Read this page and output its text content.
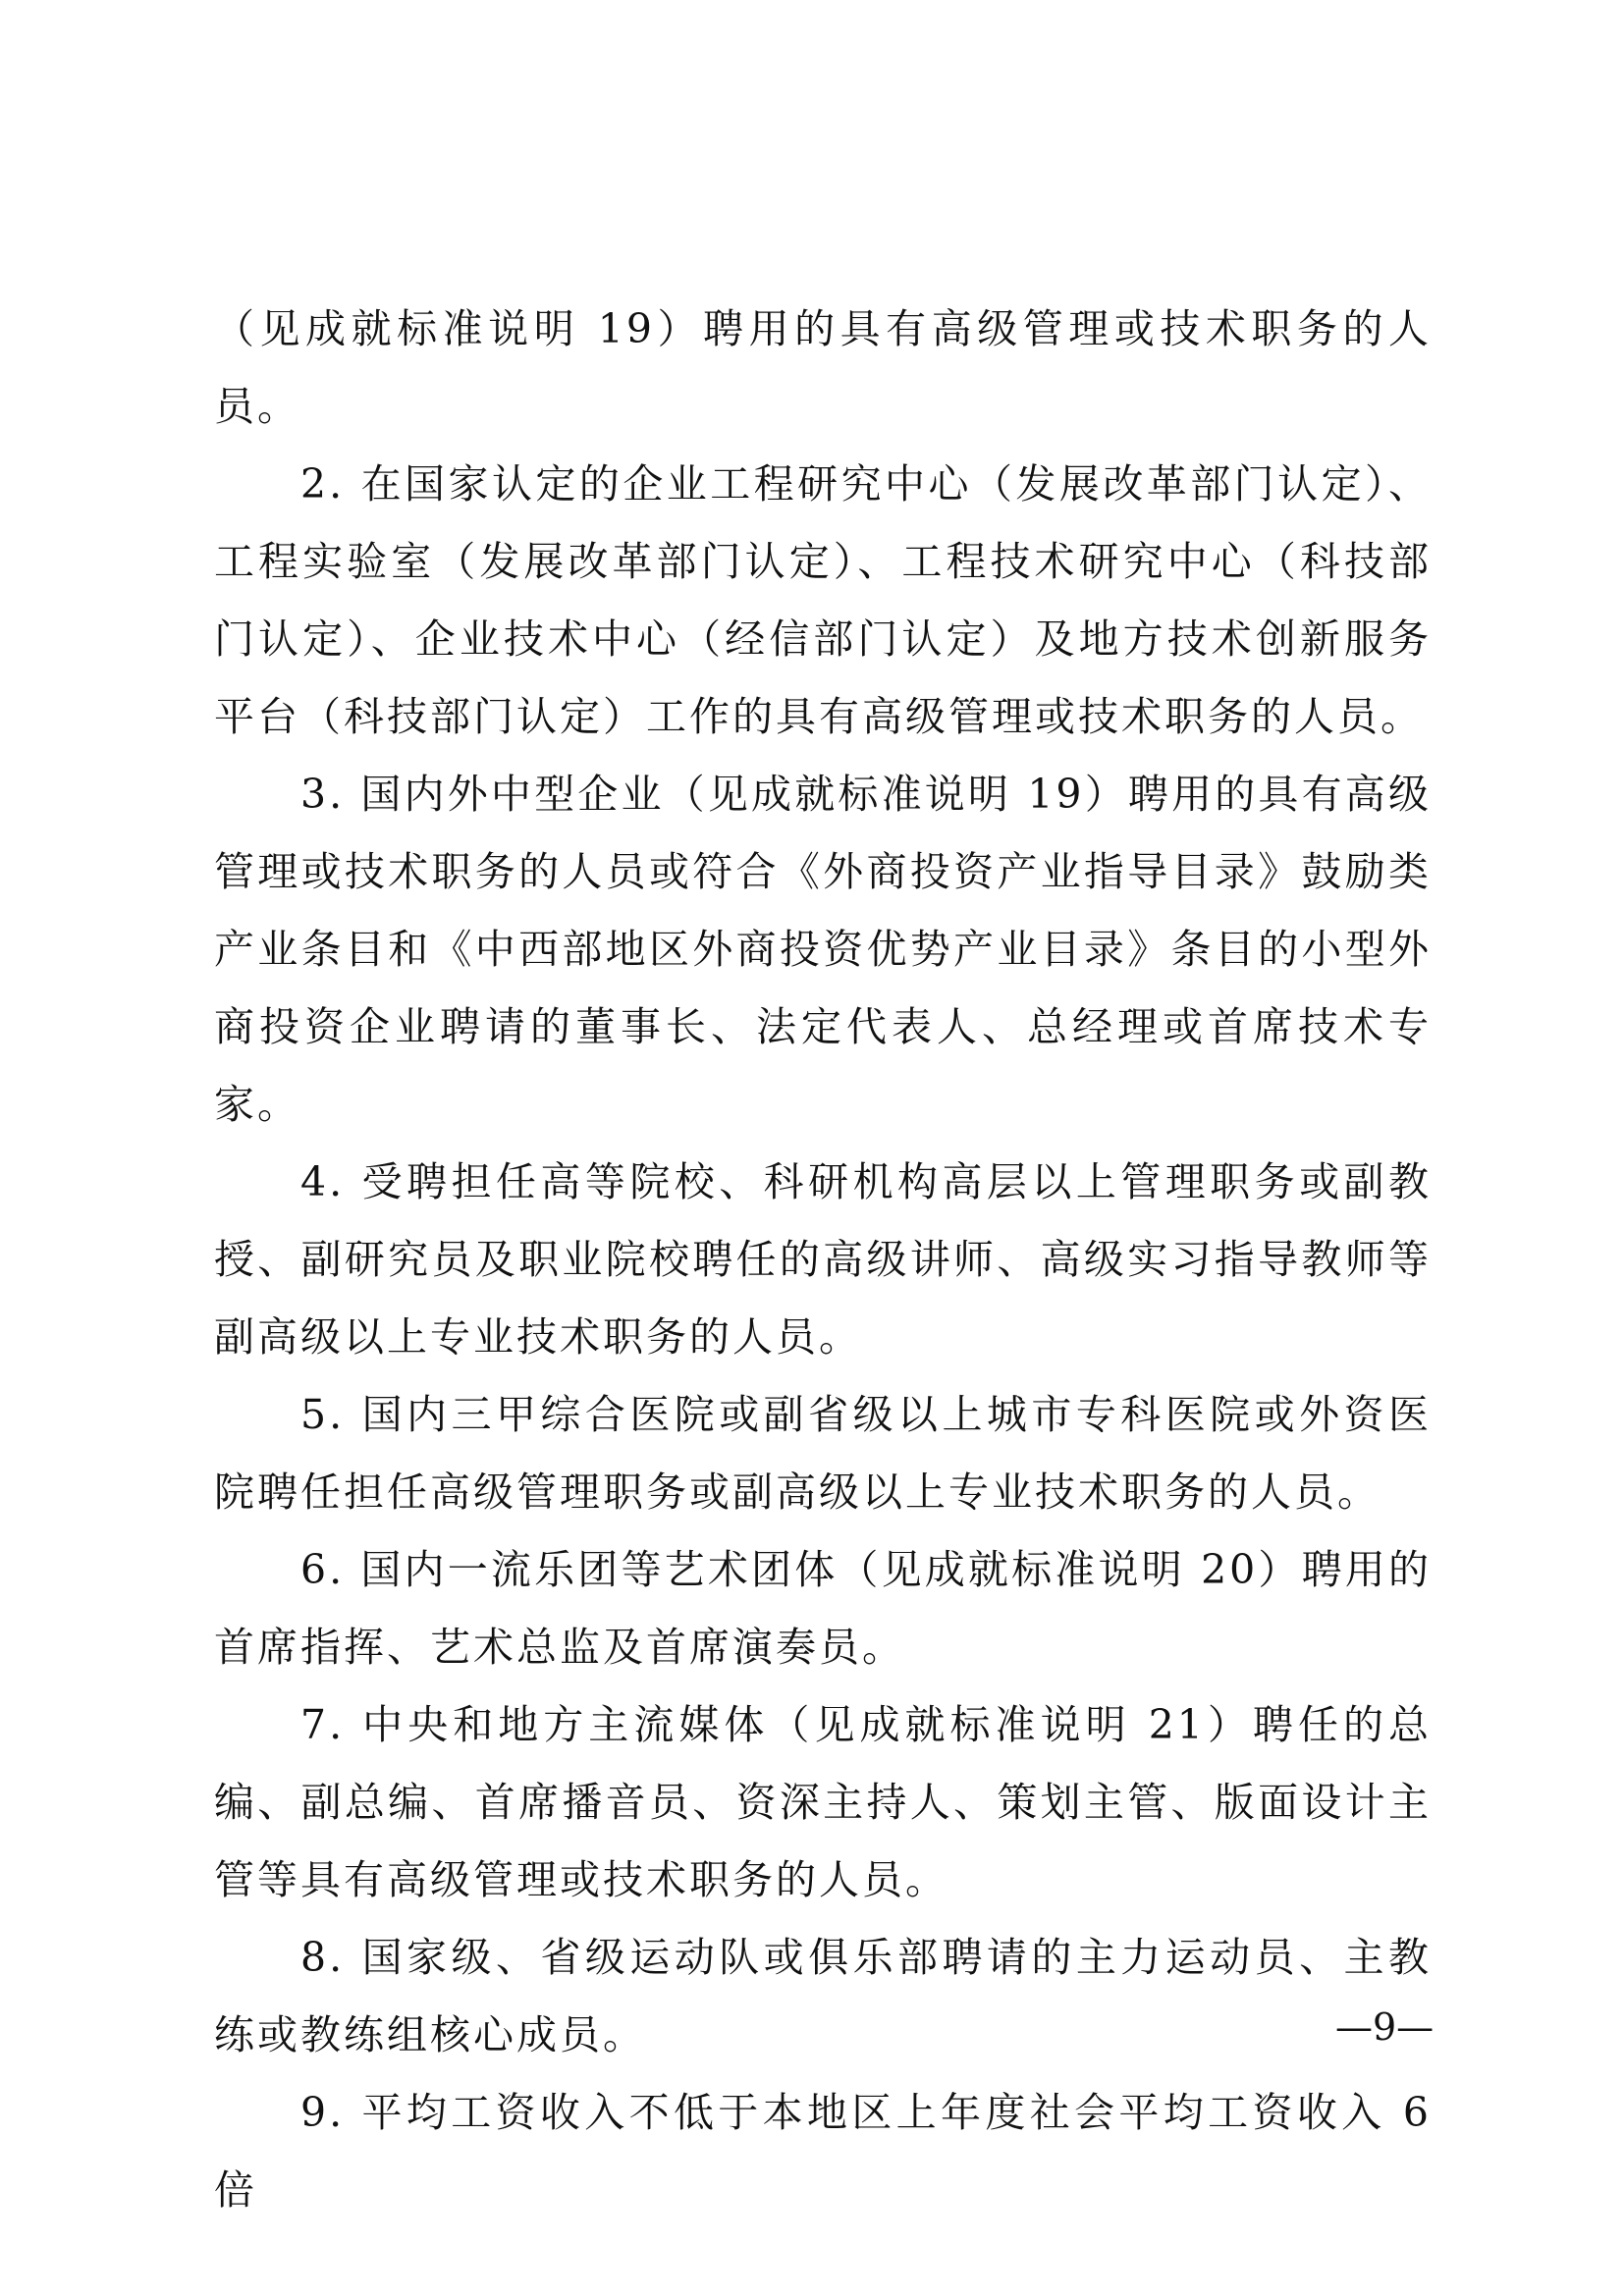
（见成就标准说明 19）聘用的具有高级管理或技术职务的人员。

2. 在国家认定的企业工程研究中心（发展改革部门认定）、工程实验室（发展改革部门认定）、工程技术研究中心（科技部门认定）、企业技术中心（经信部门认定）及地方技术创新服务平台（科技部门认定）工作的具有高级管理或技术职务的人员。

3. 国内外中型企业（见成就标准说明 19）聘用的具有高级管理或技术职务的人员或符合《外商投资产业指导目录》鼓励类产业条目和《中西部地区外商投资优势产业目录》条目的小型外商投资企业聘请的董事长、法定代表人、总经理或首席技术专家。

4. 受聘担任高等院校、科研机构高层以上管理职务或副教授、副研究员及职业院校聘任的高级讲师、高级实习指导教师等副高级以上专业技术职务的人员。

5. 国内三甲综合医院或副省级以上城市专科医院或外资医院聘任担任高级管理职务或副高级以上专业技术职务的人员。

6. 国内一流乐团等艺术团体（见成就标准说明 20）聘用的首席指挥、艺术总监及首席演奏员。

7. 中央和地方主流媒体（见成就标准说明 21）聘任的总编、副总编、首席播音员、资深主持人、策划主管、版面设计主管等具有高级管理或技术职务的人员。

8. 国家级、省级运动队或俱乐部聘请的主力运动员、主教练或教练组核心成员。

9. 平均工资收入不低于本地区上年度社会平均工资收入 6 倍

—9—
